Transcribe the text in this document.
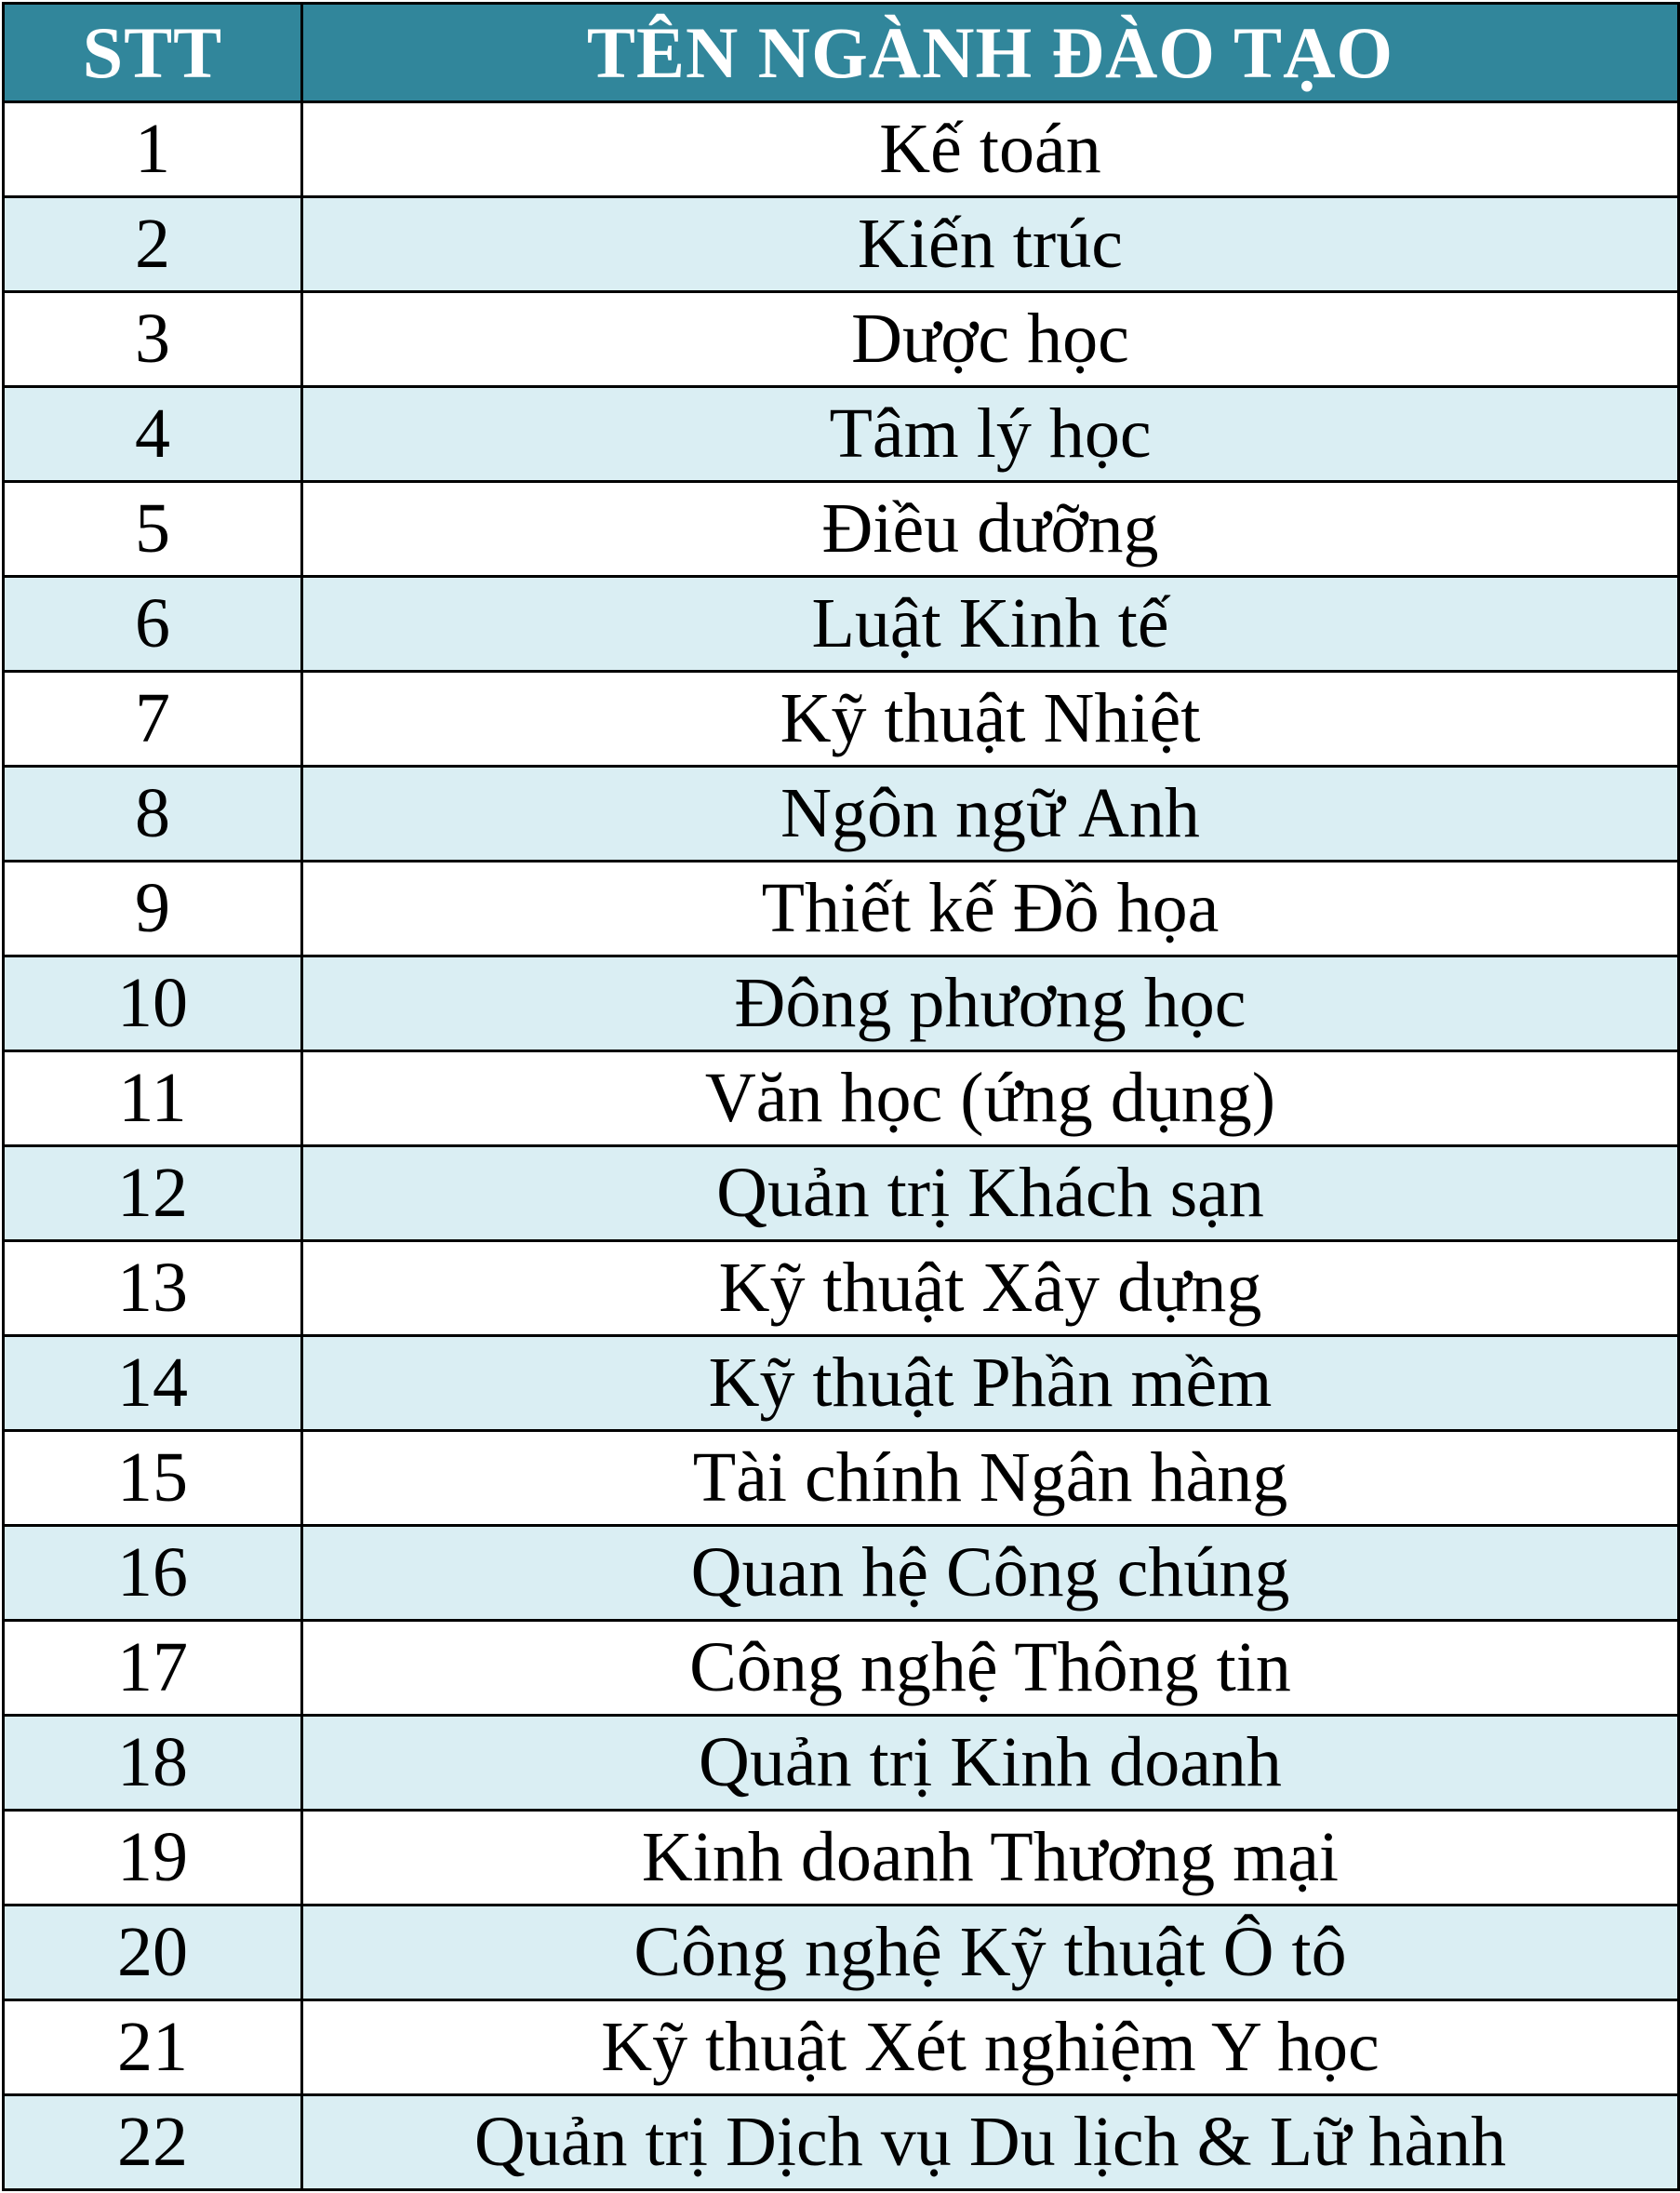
STT	TÊN NGÀNH ĐÀO TẠO
1	Kế toán
2	Kiến trúc
3	Dược học
4	Tâm lý học
5	Điều dưỡng
6	Luật Kinh tế
7	Kỹ thuật Nhiệt
8	Ngôn ngữ Anh
9	Thiết kế Đồ họa
10	Đông phương học
11	Văn học (ứng dụng)
12	Quản trị Khách sạn
13	Kỹ thuật Xây dựng
14	Kỹ thuật Phần mềm
15	Tài chính Ngân hàng
16	Quan hệ Công chúng
17	Công nghệ Thông tin
18	Quản trị Kinh doanh
19	Kinh doanh Thương mại
20	Công nghệ Kỹ thuật Ô tô
21	Kỹ thuật Xét nghiệm Y học
22	Quản trị Dịch vụ Du lịch & Lữ hành
